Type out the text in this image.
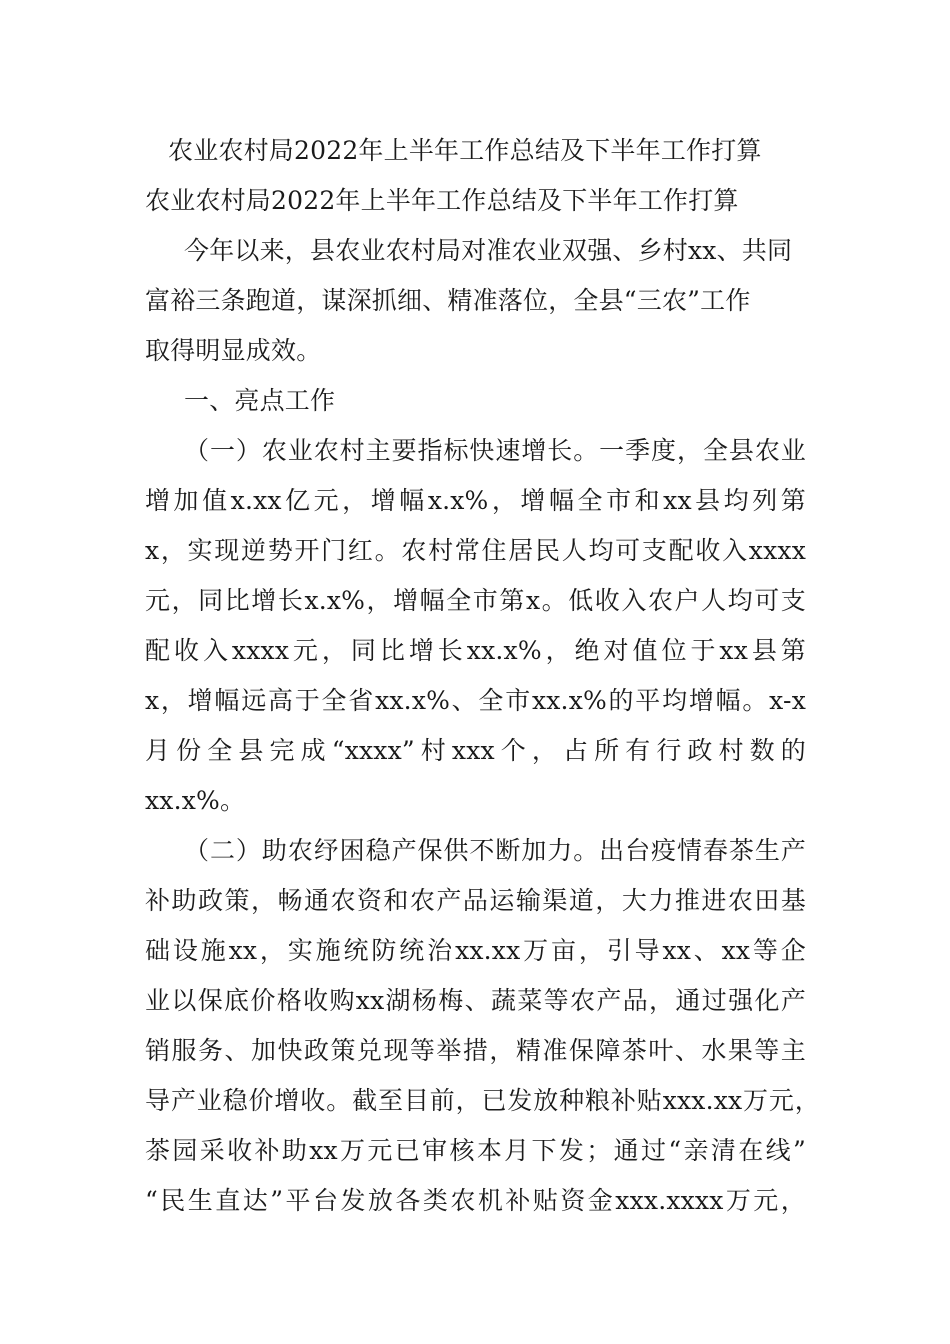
农业农村局2022年上半年工作总结及下半年工作打算
农业农村局2022年上半年工作总结及下半年工作打算
今年以来，县农业农村局对准农业双强、乡村xx、共同
富裕三条跑道，谋深抓细、精准落位，全县“三农”工作
取得明显成效。
一、亮点工作
（一）农业农村主要指标快速增长。一季度，全县农业
增加值x.xx亿元，增幅x.x%，增幅全市和xx县均列第
x，实现逆势开门红。农村常住居民人均可支配收入xxxx
元，同比增长x.x%，增幅全市第x。低收入农户人均可支
配收入xxxx元，同比增长xx.x%，绝对值位于xx县第
x，增幅远高于全省xx.x%、全市xx.x%的平均增幅。x-x
月份全县完成“xxxx”村xxx个，占所有行政村数的
xx.x%。
（二）助农纾困稳产保供不断加力。出台疫情春茶生产
补助政策，畅通农资和农产品运输渠道，大力推进农田基
础设施xx，实施统防统治xx.xx万亩，引导xx、xx等企
业以保底价格收购xx湖杨梅、蔬菜等农产品，通过强化产
销服务、加快政策兑现等举措，精准保障茶叶、水果等主
导产业稳价增收。截至目前，已发放种粮补贴xxx.xx万元，
茶园采收补助xx万元已审核本月下发；通过“亲清在线”
“民生直达”平台发放各类农机补贴资金xxx.xxxx万元，
